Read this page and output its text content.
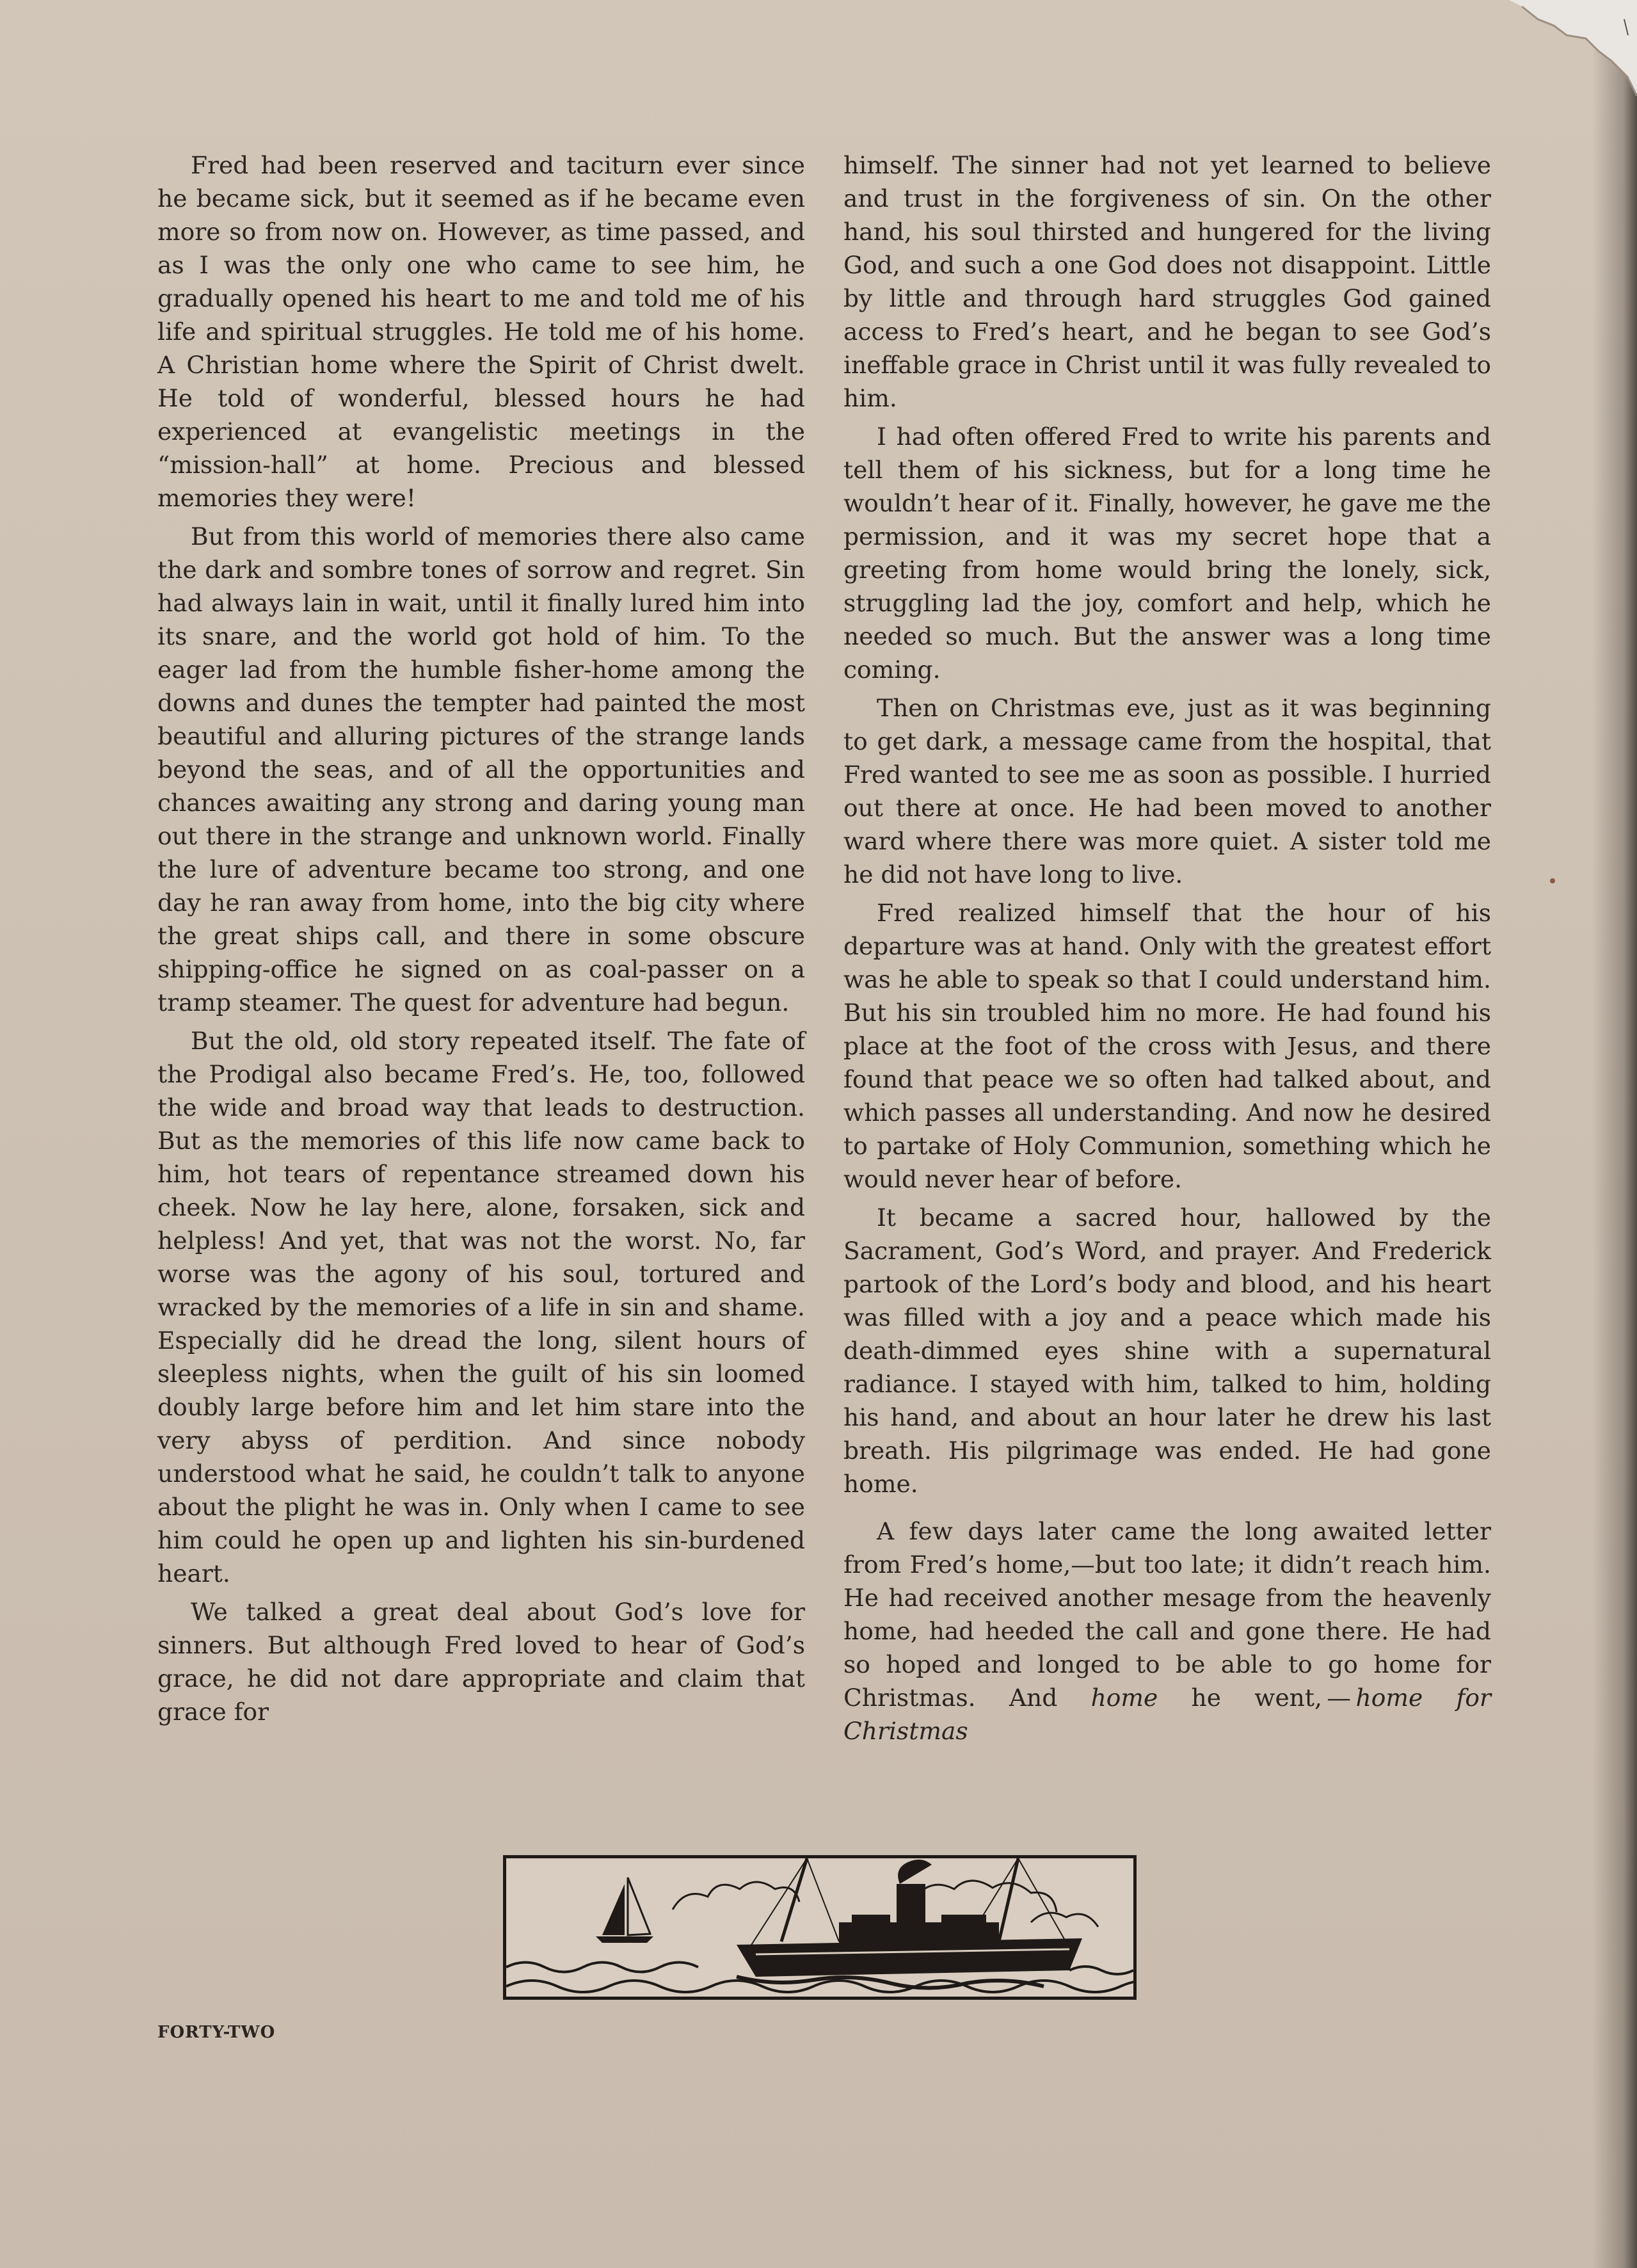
Fred had been reserved and taciturn ever since he became sick, but it seemed as if he became even more so from now on. However, as time passed, and as I was the only one who came to see him, he gradually opened his heart to me and told me of his life and spiritual struggles. He told me of his home. A Christian home where the Spirit of Christ dwelt. He told of wonderful, blessed hours he had experienced at evangelistic meetings in the “mission-hall” at home. Precious and blessed memories they were!

But from this world of memories there also came the dark and sombre tones of sorrow and regret. Sin had always lain in wait, until it finally lured him into its snare, and the world got hold of him. To the eager lad from the humble fisher-home among the downs and dunes the tempter had painted the most beautiful and alluring pictures of the strange lands beyond the seas, and of all the opportunities and chances awaiting any strong and daring young man out there in the strange and unknown world. Finally the lure of adventure became too strong, and one day he ran away from home, into the big city where the great ships call, and there in some obscure shipping-office he signed on as coal-passer on a tramp steamer. The quest for adventure had begun.

But the old, old story repeated itself. The fate of the Prodigal also became Fred’s. He, too, followed the wide and broad way that leads to destruction. But as the memories of this life now came back to him, hot tears of repentance streamed down his cheek. Now he lay here, alone, forsaken, sick and helpless! And yet, that was not the worst. No, far worse was the agony of his soul, tortured and wracked by the memories of a life in sin and shame. Especially did he dread the long, silent hours of sleepless nights, when the guilt of his sin loomed doubly large before him and let him stare into the very abyss of perdition. And since nobody understood what he said, he couldn’t talk to anyone about the plight he was in. Only when I came to see him could he open up and lighten his sin-burdened heart.

We talked a great deal about God’s love for sinners. But although Fred loved to hear of God’s grace, he did not dare appropriate and claim that grace for

himself. The sinner had not yet learned to believe and trust in the forgiveness of sin. On the other hand, his soul thirsted and hungered for the living God, and such a one God does not disappoint. Little by little and through hard struggles God gained access to Fred’s heart, and he began to see God’s ineffable grace in Christ until it was fully revealed to him.

I had often offered Fred to write his parents and tell them of his sickness, but for a long time he wouldn’t hear of it. Finally, however, he gave me the permission, and it was my secret hope that a greeting from home would bring the lonely, sick, struggling lad the joy, comfort and help, which he needed so much. But the answer was a long time coming.

Then on Christmas eve, just as it was beginning to get dark, a message came from the hospital, that Fred wanted to see me as soon as possible. I hurried out there at once. He had been moved to another ward where there was more quiet. A sister told me he did not have long to live.

Fred realized himself that the hour of his departure was at hand. Only with the greatest effort was he able to speak so that I could understand him. But his sin troubled him no more. He had found his place at the foot of the cross with Jesus, and there found that peace we so often had talked about, and which passes all understanding. And now he desired to partake of Holy Communion, something which he would never hear of before.

It became a sacred hour, hallowed by the Sacrament, God’s Word, and prayer. And Frederick partook of the Lord’s body and blood, and his heart was filled with a joy and a peace which made his death-dimmed eyes shine with a supernatural radiance. I stayed with him, talked to him, holding his hand, and about an hour later he drew his last breath. His pilgrimage was ended. He had gone home.

A few days later came the long awaited letter from Fred’s home,—but too late; it didn’t reach him. He had received another mesage from the heavenly home, had heeded the call and gone there. He had so hoped and longed to be able to go home for Christmas. And home he went, — home for Christmas

FORTY-TWO
